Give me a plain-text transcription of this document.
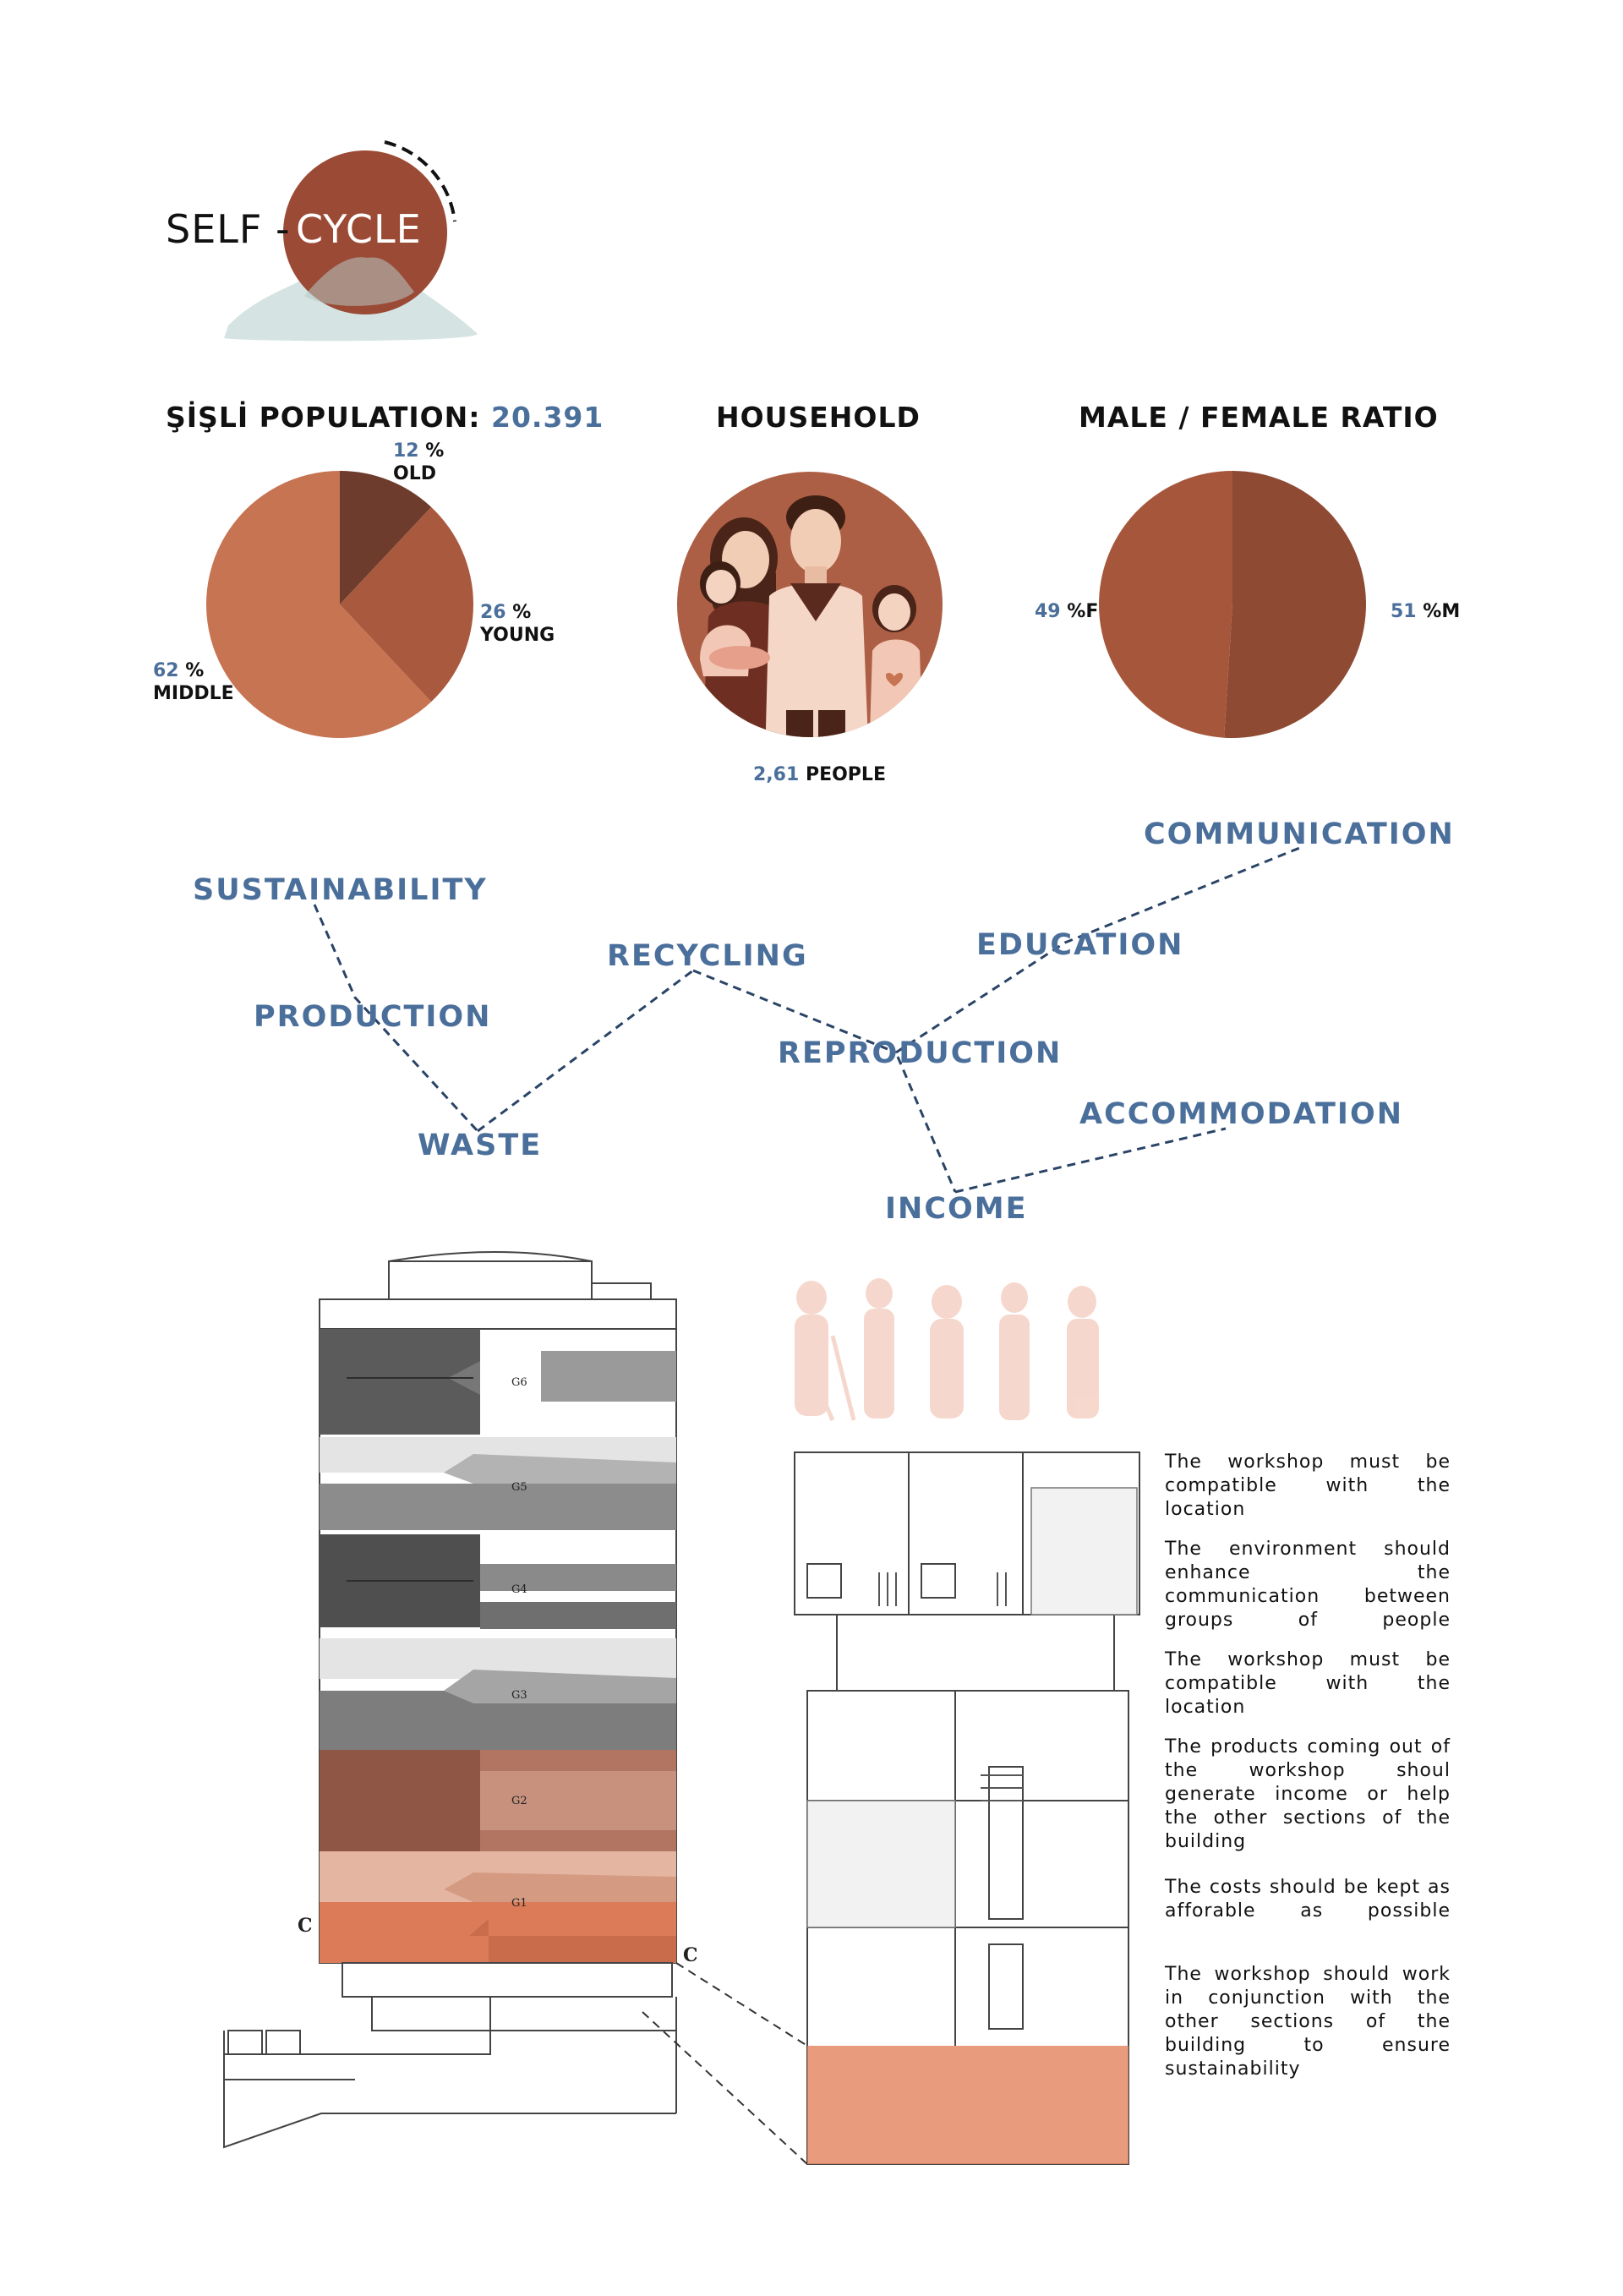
SELF - CYCLE
ŞİŞLİ POPULATION: 20.391	HOUSEHOLD	MALE / FEMALE RATIO
12 %
OLD
26 %
YOUNG
62 %
MIDDLE
2,61 PEOPLE
49 %F	51 %M
SUSTAINABILITY
PRODUCTION
WASTE
RECYCLING
REPRODUCTION
EDUCATION
COMMUNICATION
INCOME
ACCOMMODATION
G6
G5
G4
G3
G2
G1
C
C
The workshop must be compatible with the location
The environment should enhance the communication between groups of people
The workshop must be compatible with the location
The products coming out of the workshop shoul generate income or help the other sections of the building
The costs should be kept as afforable as possible
The workshop should work in conjunction with the other sections of the building to ensure sustainability
